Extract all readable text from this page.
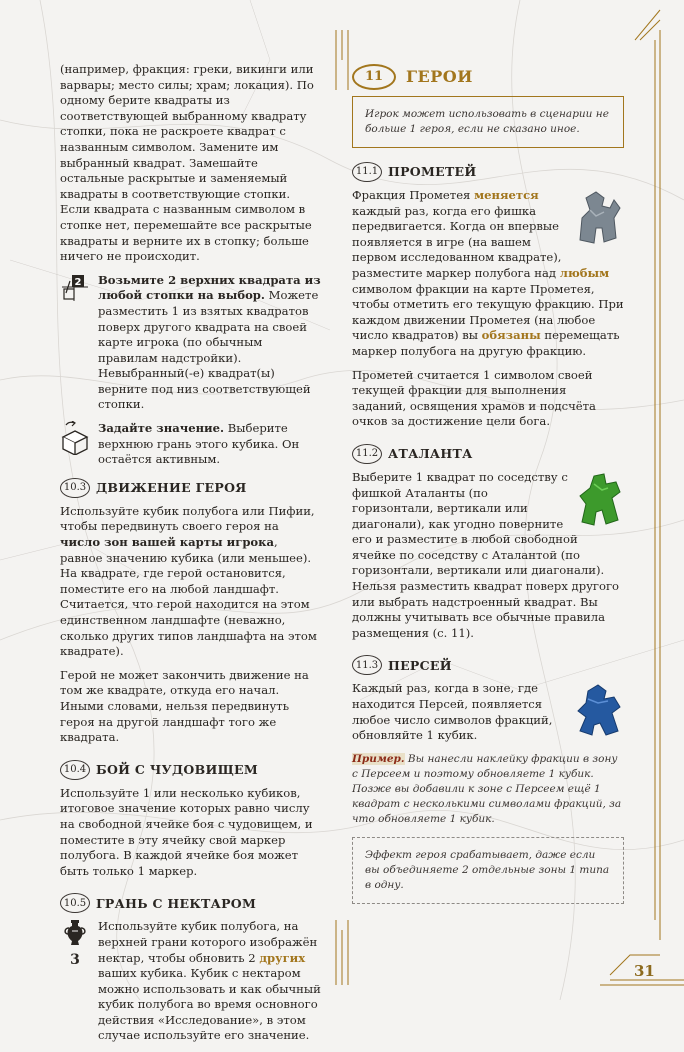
(например, фракция: греки, викинги или варвары; место силы; храм; локация). По одному берите квадраты из соответствующей выбранному квадрату стопки, пока не раскроете квадрат с названным символом. Замените им выбранный квадрат. Замешайте остальные раскрытые и заменяемый квадраты в соответствующие стопки. Если квадрата с названным символом в стопке нет, перемешайте все раскрытые квадраты и верните их в стопку; больше ничего не происходит.

2 Возьмите 2 верхних квадрата из любой стопки на выбор. Можете разместить 1 из взятых квадратов поверх другого квадрата на своей карте игрока (по обычным правилам надстройки). Невыбранный(-е) квадрат(ы) верните под низ соответствующей стопки.
Задайте значение. Выберите верхнюю грань этого кубика. Он остаётся активным.
10.3 ДВИЖЕНИЕ ГЕРОЯ

Используйте кубик полубога или Пифии, чтобы передвинуть своего героя на число зон вашей карты игрока, равное значению кубика (или меньшее). На квадрате, где герой остановится, поместите его на любой ландшафт. Считается, что герой находится на этом единственном ландшафте (неважно, сколько других типов ландшафта на этом квадрате).

Герой не может закончить движение на том же квадрате, откуда его начал. Иными словами, нельзя передвинуть героя на другой ландшафт того же квадрата.

10.4 БОЙ С ЧУДОВИЩЕМ

Используйте 1 или несколько кубиков, итоговое значение которых равно числу на свободной ячейке боя с чудовищем, и поместите в эту ячейку свой маркер полубога. В каждой ячейке боя может быть только 1 маркер.

10.5 ГРАНЬ С НЕКТАРОМ
3
Используйте кубик полубога, на верхней грани которого изображён нектар, чтобы обновить 2 других ваших кубика. Кубик с нектаром можно использовать и как обычный кубик полубога во время основного действия «Исследование», в этом случае используйте его значение.
11	ГЕРОИ
Игрок может использовать в сценарии не больше 1 героя, если не сказано иное.
11.1 ПРОМЕТЕЙ

Фракция Прометея меняется каждый раз, когда его фишка передвигается. Когда он впервые появляется в игре (на вашем первом исследованном квадрате), разместите маркер полубога над любым символом фракции на карте Прометея, чтобы отметить его текущую фракцию. При каждом движении Прометея (на любое число квадратов) вы обязаны перемещать маркер полубога на другую фракцию.

Прометей считается 1 символом своей текущей фракции для выполнения заданий, освящения храмов и подсчёта очков за достижение цели бога.

11.2 АТАЛАНТА

Выберите 1 квадрат по соседству с фишкой Аталанты (по горизонтали, вертикали или диагонали), как угодно поверните его и разместите в любой свободной ячейке по соседству с Аталантой (по горизонтали, вертикали или диагонали). Нельзя разместить квадрат поверх другого или выбрать надстроенный квадрат. Вы должны учитывать все обычные правила размещения (с. 11).

11.3 ПЕРСЕЙ

Каждый раз, когда в зоне, где находится Персей, появляется любое число символов фракций, обновляйте 1 кубик.

Пример. Вы нанесли наклейку фракции в зону с Персеем и поэтому обновляете 1 кубик. Позже вы добавили к зоне с Персеем ещё 1 квадрат с несколькими символами фракций, за что обновляете 1 кубик.

Эффект героя срабатывает, даже если вы объединяете 2 отдельные зоны 1 типа в одну.
31
